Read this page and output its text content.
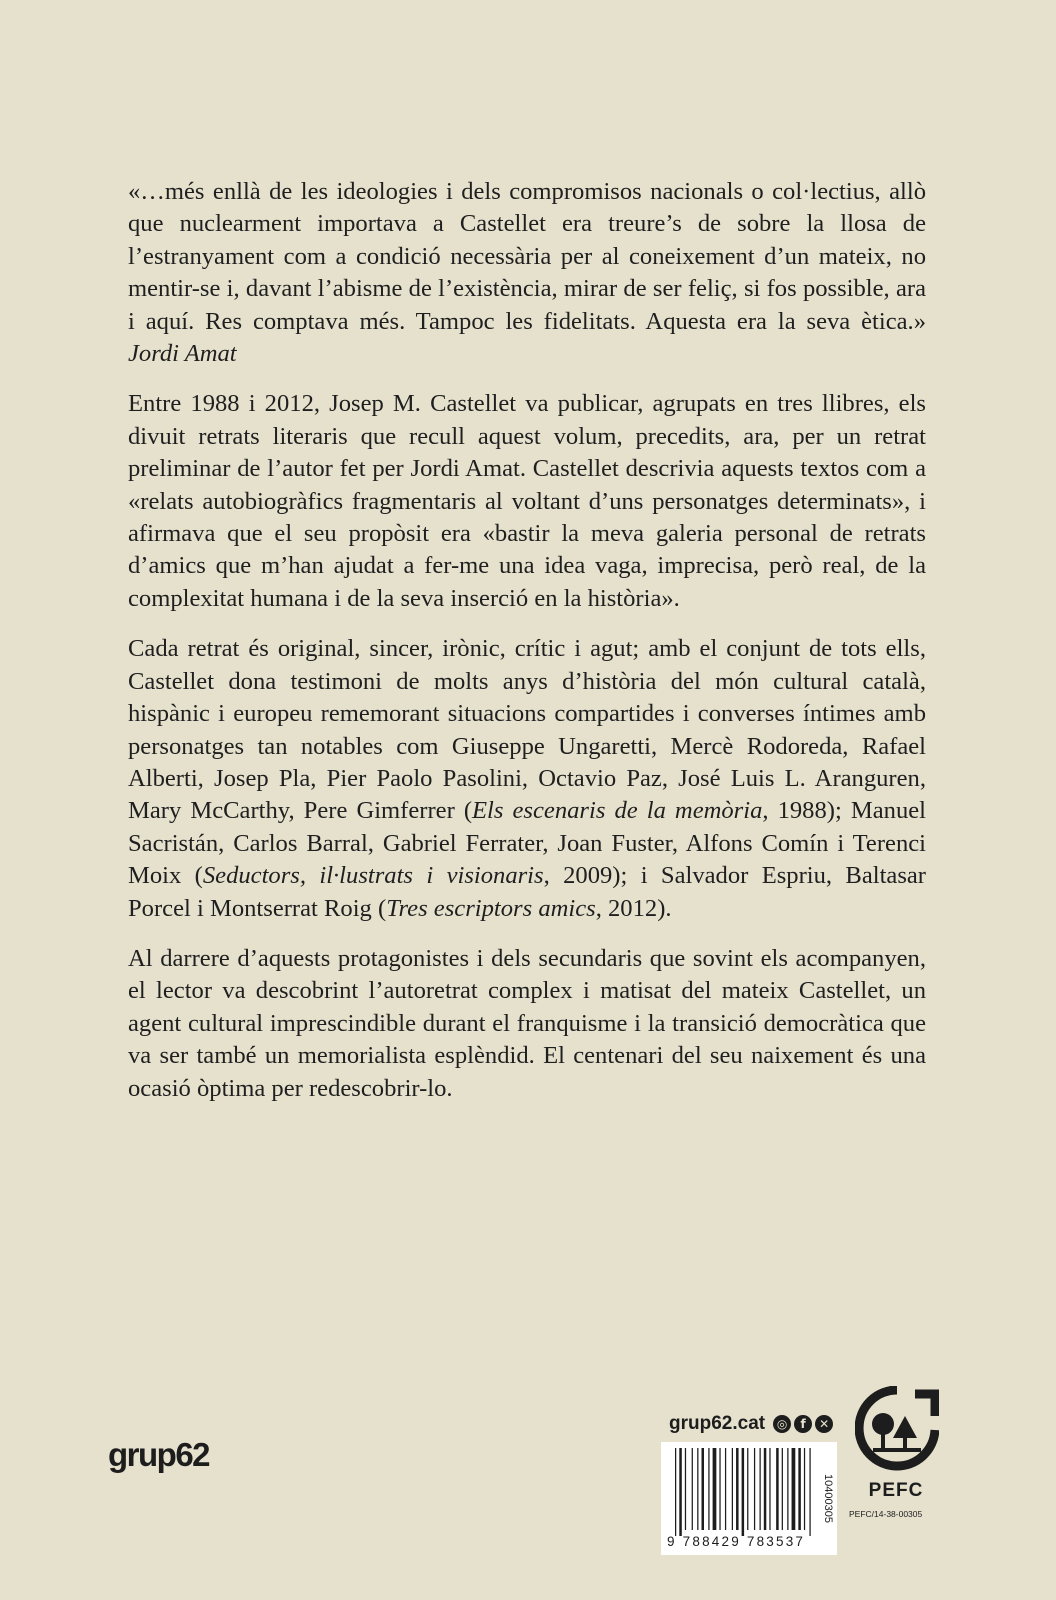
«…més enllà de les ideologies i dels compromisos nacionals o col·lectius, allò que nuclearment importava a Castellet era treure’s de sobre la llosa de l’estranyament com a condició necessària per al coneixement d’un mateix, no mentir-se i, davant l’abisme de l’existència, mirar de ser feliç, si fos possible, ara i aquí. Res comptava més. Tampoc les fidelitats. Aquesta era la seva ètica.» Jordi Amat

Entre 1988 i 2012, Josep M. Castellet va publicar, agrupats en tres llibres, els divuit retrats literaris que recull aquest volum, precedits, ara, per un retrat preliminar de l’autor fet per Jordi Amat. Castellet descrivia aquests textos com a «relats autobiogràfics fragmentaris al voltant d’uns personatges determinats», i afirmava que el seu propòsit era «bastir la meva galeria personal de retrats d’amics que m’han ajudat a fer-me una idea vaga, imprecisa, però real, de la complexitat humana i de la seva inserció en la història».

Cada retrat és original, sincer, irònic, crític i agut; amb el conjunt de tots ells, Castellet dona testimoni de molts anys d’història del món cultural català, hispànic i europeu rememorant situacions compartides i converses íntimes amb personatges tan notables com Giuseppe Ungaretti, Mercè Rodoreda, Rafael Alberti, Josep Pla, Pier Paolo Pasolini, Octavio Paz, José Luis L. Aranguren, Mary McCarthy, Pere Gimferrer (Els escenaris de la memòria, 1988); Manuel Sacristán, Carlos Barral, Gabriel Ferrater, Joan Fuster, Alfons Comín i Terenci Moix (Seductors, il·lustrats i visionaris, 2009); i Salvador Espriu, Baltasar Porcel i Montserrat Roig (Tres escriptors amics, 2012).

Al darrere d’aquests protagonistes i dels secundaris que sovint els acompanyen, el lector va descobrint l’autoretrat complex i matisat del mateix Castellet, un agent cultural imprescindible durant el franquisme i la transició democràtica que va ser també un memorialista esplèndid. El centenari del seu naixement és una ocasió òptima per redescobrir-lo.

grup62
grup62.cat ◎	f	✕
9 788429 783537
10400305	PEFC
PEFC/14-38-00305
